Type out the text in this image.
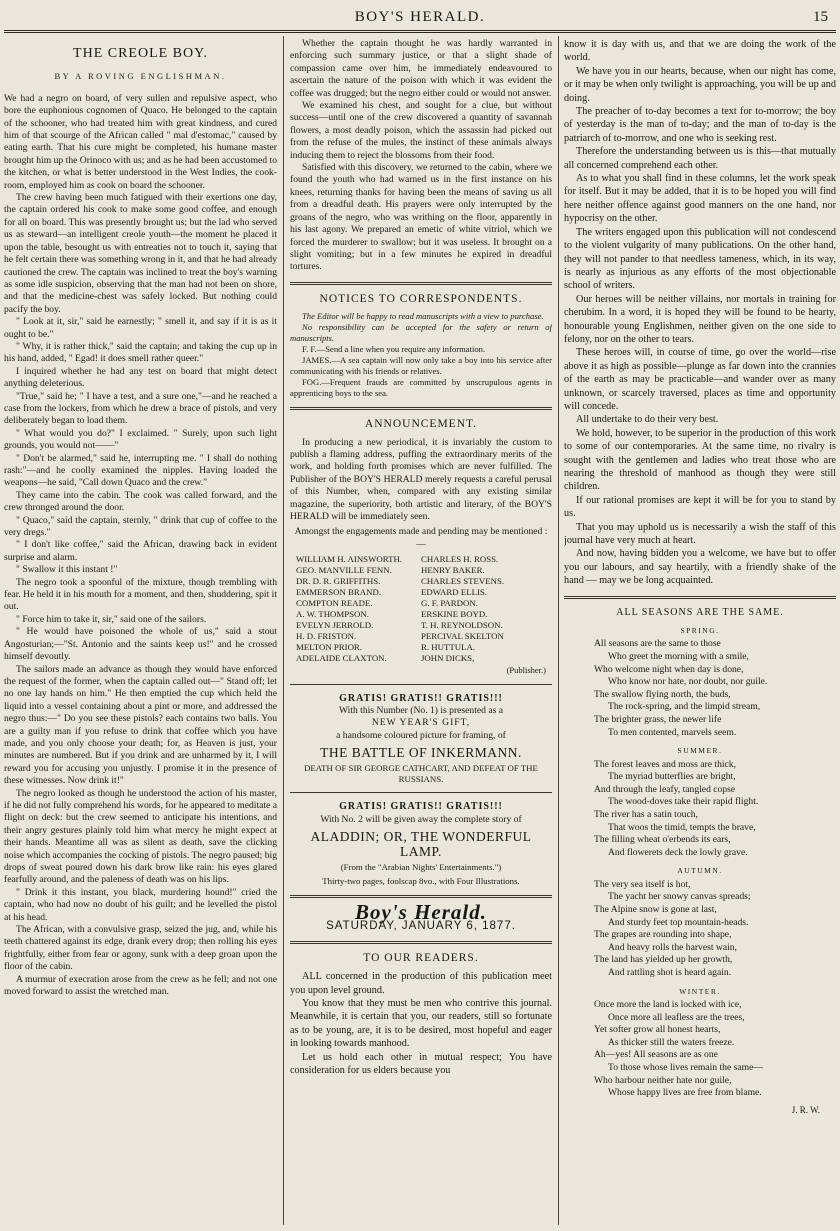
BOY'S HERALD.	15
THE CREOLE BOY.
BY A ROVING ENGLISHMAN.

We had a negro on board, of very sullen and repulsive aspect, who bore the euphonious cognomen of Quaco. He belonged to the captain of the schooner, who had treated him with great kindness, and cured him of that scourge of the African called " mal d'estomac," caused by eating earth. That his cure might be completed, his humane master brought him up the Orinoco with us; and as he had been accustomed to the kitchen, or what is better understood in the West Indies, the cook-room, employed him as cook on board the schooner.

The crew having been much fatigued with their exertions one day, the captain ordered his cook to make some good coffee, and enough for all on board. This was presently brought us; but the lad who served us as steward—an intelligent creole youth—the moment he placed it upon the table, besought us with entreaties not to touch it, saying that he felt certain there was something wrong in it, and that he had already cautioned the crew. The captain was inclined to treat the boy's warning as some idle suspicion, observing that the man had not been on shore, and that the medicine-chest was safely locked. But nothing could pacify the boy.

" Look at it, sir," said he earnestly; " smell it, and say if it is as it ought to be."

" Why, it is rather thick," said the captain; and taking the cup up in his hand, added, " Egad! it does smell rather queer."

I inquired whether he had any test on board that might detect anything deleterious.

"True," said he; " I have a test, and a sure one,"—and he reached a case from the lockers, from which he drew a brace of pistols, and very deliberately began to load them.

" What would you do?" I exclaimed. " Surely, upon such light grounds, you would not——"

" Don't be alarmed," said he, interrupting me. " I shall do nothing rash:"—and he coolly examined the nipples. Having loaded the weapons—he said, "Call down Quaco and the crew."

They came into the cabin. The cook was called forward, and the crew thronged around the door.

" Quaco," said the captain, sternly, " drink that cup of coffee to the very dregs."

" I don't like coffee," said the African, drawing back in evident surprise and alarm.

" Swallow it this instant !"

The negro took a spoonful of the mixture, though trembling with fear. He held it in his mouth for a moment, and then, shuddering, spit it out.

" Force him to take it, sir," said one of the sailors.

" He would have poisoned the whole of us," said a stout Angosturian;—"St. Antonio and the saints keep us!" and he crossed himself devoutly.

The sailors made an advance as though they would have enforced the request of the former, when the captain called out—" Stand off; let no one lay hands on him." He then emptied the cup which held the liquid into a vessel containing about a pint or more, and addressed the negro thus:—" Do you see these pistols? each contains two balls. You are a guilty man if you refuse to drink that coffee which you have made, and you only choose your death; for, as Heaven is just, your minutes are numbered. But if you drink and are unharmed by it, I will reward you for accusing you unjustly. I promise it in the presence of these witnesses. Now drink it!"

The negro looked as though he understood the action of his master, if he did not fully comprehend his words, for he appeared to meditate a flight on deck: but the crew seemed to anticipate his intentions, and their angry gestures plainly told him what mercy he might expect at their hands. Meantime all was as silent as death, save the clicking noise which accompanies the cocking of pistols. The negro paused; big drops of sweat poured down his dark brow like rain: his eyes glared fearfully around, and the paleness of death was on his lips.

" Drink it this instant, you black, murdering hound!" cried the captain, who had now no doubt of his guilt; and he levelled the pistol at his head.

The African, with a convulsive grasp, seized the jug, and, while his teeth chattered against its edge, drank every drop; then rolling his eyes frightfully, either from fear or agony, sunk with a deep groan upon the floor of the cabin.

A murmur of execration arose from the crew as he fell; and not one moved forward to assist the wretched man.

Whether the captain thought he was hardly warranted in enforcing such summary justice, or that a slight shade of compassion came over him, he immediately endeavoured to ascertain the nature of the poison with which it was evident the coffee was drugged; but the negro either could or would not answer.

We examined his chest, and sought for a clue, but without success—until one of the crew discovered a quantity of savannah flowers, a most deadly poison, which the assassin had picked out from the refuse of the mules, the instinct of these animals always inducing them to reject the blossoms from their food.

Satisfied with this discovery, we returned to the cabin, where we found the youth who had warned us in the first instance on his knees, returning thanks for having been the means of saving us all from a dreadful death. His prayers were only interrupted by the groans of the negro, who was writhing on the floor, apparently in his last agony. We prepared an emetic of white vitriol, which we forced the murderer to swallow; but it was useless. It brought on a slight vomiting; but in a few minutes he expired in dreadful tortures.

NOTICES TO CORRESPONDENTS.

The Editor will be happy to read manuscripts with a view to purchase.

No responsibility can be accepted for the safety or return of manuscripts.

F. F.—Send a line when you require any information.

JAMES.—A sea captain will now only take a boy into his service after communicating with his friends or relatives.

FOG.—Frequent frauds are committed by unscrupulous agents in apprenticing boys to the sea.

ANNOUNCEMENT.

In producing a new periodical, it is invariably the custom to publish a flaming address, puffing the extraordinary merits of the work, and holding forth promises which are never fulfilled. The Publisher of the BOY'S HERALD merely requests a careful perusal of this Number, when, compared with any existing similar magazine, the superiority, both artistic and literary, of the BOY'S HERALD will be immediately seen.

Amongst the engagements made and pending may be mentioned :—
WILLIAM H. AINSWORTH.
GEO. MANVILLE FENN.
DR. D. R. GRIFFITHS.
EMMERSON BRAND.
COMPTON READE.
A. W. THOMPSON.
EVELYN JERROLD.
H. D. FRISTON.
MELTON PRIOR.
ADELAIDE CLAXTON.
CHARLES H. ROSS.
HENRY BAKER.
CHARLES STEVENS.
EDWARD ELLIS.
G. F. PARDON.
ERSKINE BOYD.
T. H. REYNOLDSON.
PERCIVAL SKELTON
R. HUTTULA.
JOHN DICKS,
(Publisher.)
GRATIS! GRATIS!! GRATIS!!!
With this Number (No. 1) is presented as a
NEW YEAR'S GIFT,
a handsome coloured picture for framing, of
THE BATTLE OF INKERMANN.
DEATH OF SIR GEORGE CATHCART, AND DEFEAT OF THE RUSSIANS.
GRATIS! GRATIS!! GRATIS!!!
With No. 2 will be given away the complete story of
ALADDIN; OR, THE WONDERFUL LAMP.
(From the "Arabian Nights' Entertainments.")
Thirty-two pages, foolscap 8vo., with Four Illustrations.
Boy's Herald.
SATURDAY, JANUARY 6, 1877.
TO OUR READERS.

ALL concerned in the production of this publication meet you upon level ground.

You know that they must be men who contrive this journal. Meanwhile, it is certain that you, our readers, still so fortunate as to be young, are, it is to be desired, most hopeful and eager in looking towards manhood.

Let us hold each other in mutual respect; You have consideration for us elders because you

know it is day with us, and that we are doing the work of the world.

We have you in our hearts, because, when our night has come, or it may be when only twilight is approaching, you will be up and doing.

The preacher of to-day becomes a text for to-morrow; the boy of yesterday is the man of to-day; and the man of to-day is the patriarch of to-morrow, and one who is seeking rest.

Therefore the understanding between us is this—that mutually all concerned comprehend each other.

As to what you shall find in these columns, let the work speak for itself. But it may be added, that it is to be hoped you will find here neither offence against good manners on the one hand, nor hypocrisy on the other.

The writers engaged upon this publication will not condescend to the violent vulgarity of many publications. On the other hand, they will not pander to that needless tameness, which, in its way, is nearly as injurious as any efforts of the most objectionable school of writers.

Our heroes will be neither villains, nor mortals in training for cherubim. In a word, it is hoped they will be found to be hearty, honourable young Englishmen, neither given on the one side to felony, nor on the other to tears.

These heroes will, in course of time, go over the world—rise above it as high as possible—plunge as far down into the crannies of the earth as may be practicable—and wander over as many unknown, or scarcely traversed, places as time and opportunity will concede.

All undertake to do their very best.

We hold, however, to be superior in the production of this work to some of our contemporaries. At the same time, no rivalry is sought with the gentlemen and ladies who treat those who are nearing the threshold of manhood as though they were still children.

If our rational promises are kept it will be for you to stand by us.

That you may uphold us is necessarily a wish the staff of this journal have very much at heart.

And now, having bidden you a welcome, we have but to offer you our labours, and say heartily, with a friendly shake of the hand — may we be long acquainted.

ALL SEASONS ARE THE SAME.
SPRING.
All seasons are the same to those
Who greet the morning with a smile,
Who welcome night when day is done,
Who know nor hate, nor doubt, nor guile.
The swallow flying north, the buds,
The rock-spring, and the limpid stream,
The brighter grass, the newer life
To men contented, marvels seem.
SUMMER.
The forest leaves and moss are thick,
The myriad butterflies are bright,
And through the leafy, tangled copse
The wood-doves take their rapid flight.
The river has a satin touch,
That woos the timid, tempts the brave,
The filling wheat o'erbends its ears,
And flowerets deck the lowly grave.
AUTUMN.
The very sea itself is hot,
The yacht her snowy canvas spreads;
The Alpine snow is gone at last,
And sturdy feet top mountain-heads.
The grapes are rounding into shape,
And heavy rolls the harvest wain,
The land has yielded up her growth,
And rattling shot is heard again.
WINTER.
Once more the land is locked with ice,
Once more all leafless are the trees,
Yet softer grow all honest hearts,
As thicker still the waters freeze.
Ah—yes! All seasons are as one
To those whose lives remain the same—
Who harbour neither hate nor guile,
Whose happy lives are free from blame.
J. R. W.
